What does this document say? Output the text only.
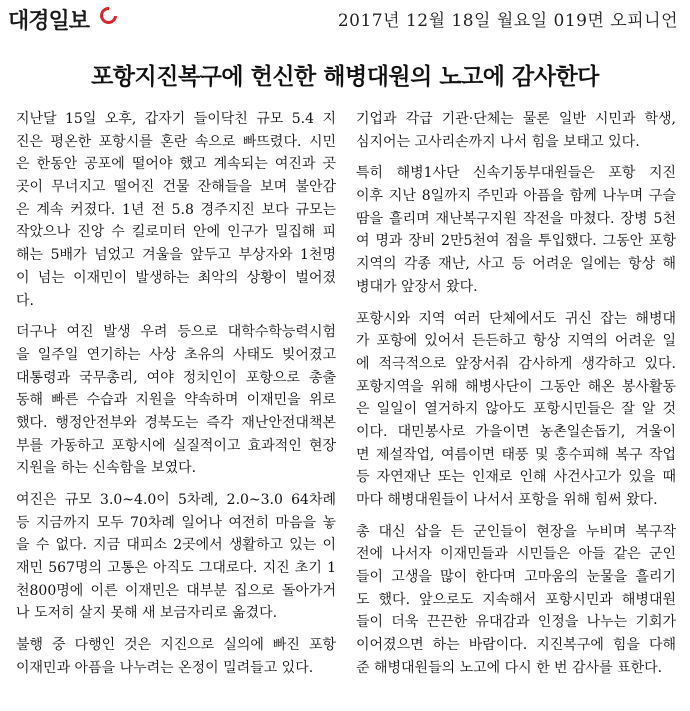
대경일보	2017년 12월 18일 월요일 019면 오피니언
포항지진복구에 헌신한 해병대원의 노고에 감사한다
지난달 15일 오후, 갑자기 들이닥친 규모 5.4 지
진은 평온한 포항시를 혼란 속으로 빠뜨렸다. 시민
은 한동안 공포에 떨어야 했고 계속되는 여진과 곳
곳이 무너지고 떨어진 건물 잔해들을 보며 불안감
은 계속 커졌다. 1년 전 5.8 경주지진 보다 규모는
작았으나 진앙 수 킬로미터 안에 인구가 밀집해 피
해는 5배가 넘었고 겨울을 앞두고 부상자와 1천명
이 넘는 이재민이 발생하는 최악의 상황이 벌어졌
다.
더구나 여진 발생 우려 등으로 대학수학능력시험
을 일주일 연기하는 사상 초유의 사태도 빚어졌고
대통령과 국무총리, 여야 정치인이 포항으로 총출
동해 빠른 수습과 지원을 약속하며 이재민을 위로
했다. 행정안전부와 경북도는 즉각 재난안전대책본
부를 가동하고 포항시에 실질적이고 효과적인 현장
지원을 하는 신속함을 보였다.
여진은 규모 3.0~4.0이 5차례, 2.0~3.0 64차례
등 지금까지 모두 70차례 일어나 여전히 마음을 놓
을 수 없다. 지금 대피소 2곳에서 생활하고 있는 이
재민 567명의 고통은 아직도 그대로다. 지진 초기 1
천800명에 이른 이재민은 대부분 집으로 돌아가거
나 도저히 살지 못해 새 보금자리로 옮겼다.
불행 중 다행인 것은 지진으로 실의에 빠진 포항
이재민과 아픔을 나누려는 온정이 밀려들고 있다.
기업과 각급 기관·단체는 물론 일반 시민과 학생,
심지어는 고사리손까지 나서 힘을 보태고 있다.
특히 해병1사단 신속기동부대원들은 포항 지진
이후 지난 8일까지 주민과 아픔을 함께 나누며 구슬
땀을 흘리며 재난복구지원 작전을 마쳤다. 장병 5천
여 명과 장비 2만5천여 점을 투입했다. 그동안 포항
지역의 각종 재난, 사고 등 어려운 일에는 항상 해
병대가 앞장서 왔다.
포항시와 지역 여러 단체에서도 귀신 잡는 해병대
가 포항에 있어서 든든하고 항상 지역의 어려운 일
에 적극적으로 앞장서줘 감사하게 생각하고 있다.
포항지역을 위해 해병사단이 그동안 해온 봉사활동
은 일일이 열거하지 않아도 포항시민들은 잘 알 것
이다. 대민봉사로 가을이면 농촌일손돕기, 겨울이
면 제설작업, 여름이면 태풍 및 홍수피해 복구 작업
등 자연재난 또는 인재로 인해 사건사고가 있을 때
마다 해병대원들이 나서서 포항을 위해 힘써 왔다.
총 대신 삽을 든 군인들이 현장을 누비며 복구작
전에 나서자 이재민들과 시민들은 아들 같은 군인
들이 고생을 많이 한다며 고마움의 눈물을 흘리기
도 했다. 앞으로도 지속해서 포항시민과 해병대원
들이 더욱 끈끈한 유대감과 인정을 나누는 기회가
이어졌으면 하는 바람이다. 지진복구에 힘을 다해
준 해병대원들의 노고에 다시 한 번 감사를 표한다.
